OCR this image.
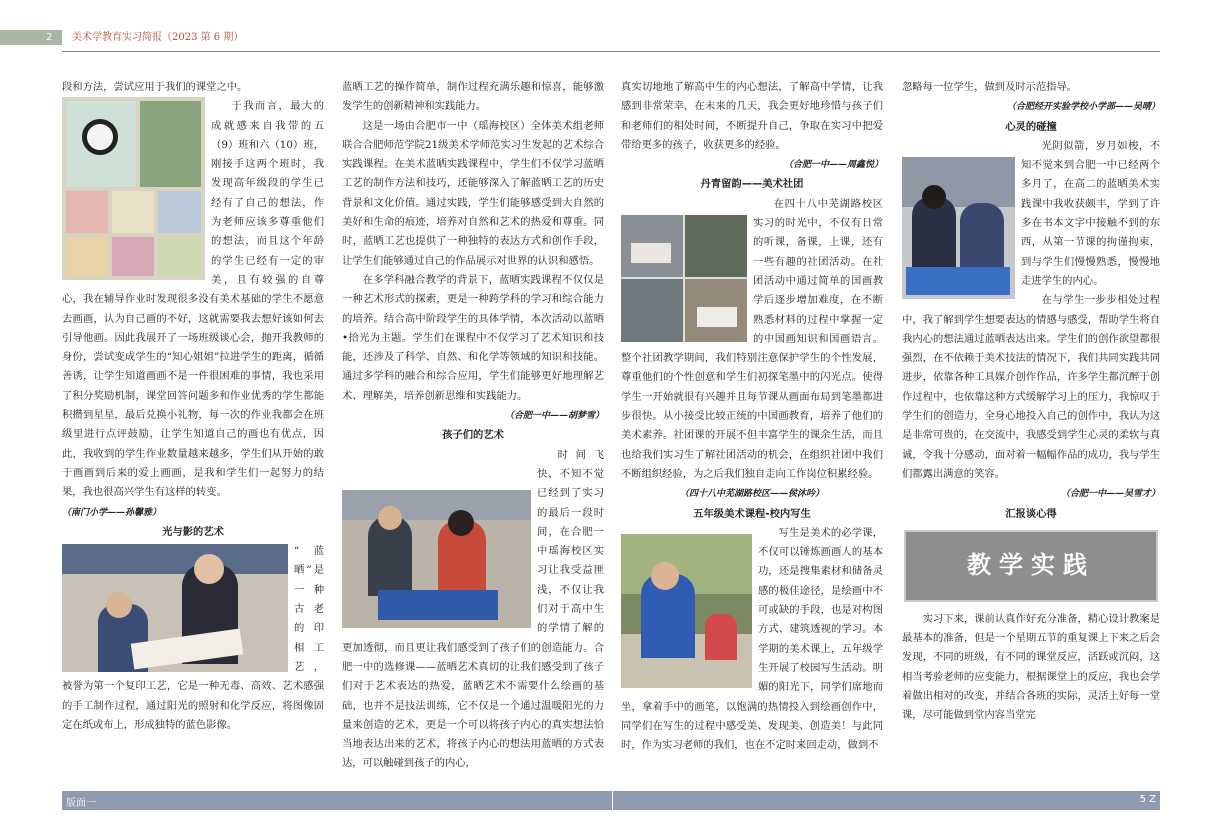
2	美术学教育实习简报（2023 第 6 期）

段和方法，尝试应用于我们的课堂之中。

于我而言，最大的成就感来自我带的五（9）班和六（10）班，刚接手这两个班时，我发现高年级段的学生已经有了自己的想法，作为老师应该多尊重他们的想法，而且这个年龄的学生已经有一定的审美，且有较强的自尊心，我在辅导作业时发现很多没有美术基础的学生不愿意去画画，认为自己画的不好，这就需要我去想好该如何去引导他画。因此我展开了一场班级谈心会，抛开我教师的身份，尝试变成学生的“知心姐姐”拉进学生的距离，循循善诱，让学生知道画画不是一件很困难的事情，我也采用了积分奖励机制，课堂回答问题多和作业优秀的学生都能积攒到星星，最后兑换小礼物，每一次的作业我都会在班级里进行点评鼓励，让学生知道自己的画也有优点，因此，我收到的学生作业数量越来越多，学生们从开始的敢于画画到后来的爱上画画，是我和学生们一起努力的结果，我也很高兴学生有这样的转变。

（南门小学——孙馨雅）

光与影的艺术

“蓝晒”是一种古老的印相工艺，被誉为第一个复印工艺，它是一种无毒、高效、艺术感强的手工制作过程，通过阳光的照射和化学反应，将图像固定在纸或布上，形成独特的蓝色影像。

蓝晒工艺的操作简单，制作过程充满乐趣和惊喜，能够激发学生的创新精神和实践能力。

这是一场由合肥市一中（瑶海校区）全体美术组老师联合合肥师范学院21级美术学师范实习生发起的艺术综合实践课程。在美术蓝晒实践课程中，学生们不仅学习蓝晒工艺的制作方法和技巧，还能够深入了解蓝晒工艺的历史背景和文化价值。通过实践，学生们能够感受到大自然的美好和生命的痕迹，培养对自然和艺术的热爱和尊重。同时，蓝晒工艺也提供了一种独特的表达方式和创作手段，让学生们能够通过自己的作品展示对世界的认识和感悟。

在多学科融合教学的背景下，蓝晒实践课程不仅仅是一种艺术形式的探索，更是一种跨学科的学习和综合能力的培养。结合高中阶段学生的具体学情，本次活动以蓝晒•拾光为主题。学生们在课程中不仅学习了艺术知识和技能，还涉及了科学、自然、和化学等领域的知识和技能。通过多学科的融合和综合应用，学生们能够更好地理解艺术、理解美，培养创新思维和实践能力。

（合肥一中——胡梦雪）

孩子们的艺术

时间飞快，不知不觉已经到了实习的最后一段时间，在合肥一中瑶海校区实习让我受益匪浅，不仅让我们对于高中生的学情了解的更加透彻，而且更让我们感受到了孩子们的创造能力。合肥一中的选修课——蓝晒艺术真切的让我们感受到了孩子们对于艺术表达的热爱，蓝晒艺术不需要什么绘画的基础，也并不是技法训练，它不仅是一个通过温暖阳光的力量来创造的艺术，更是一个可以将孩子内心的真实想法恰当地表达出来的艺术，将孩子内心的想法用蓝晒的方式表达，可以触碰到孩子的内心，

真实切地地了解高中生的内心想法，了解高中学情，让我感到非常荣幸，在未来的几天，我会更好地珍惜与孩子们和老师们的相处时间，不断提升自己，争取在实习中把爱带给更多的孩子，收获更多的经验。

（合肥一中——周鑫悦）

丹青留韵——美术社团

在四十八中芜湖路校区实习的时光中，不仅有日常的听课，备课，上课，还有一些有趣的社团活动。在社团活动中通过简单的国画教学后逐步增加难度，在不断熟悉材料的过程中掌握一定的中国画知识和国画语言。整个社团教学期间，我们特别注意保护学生的个性发展，尊重他们的个性创意和学生们初探笔墨中的闪光点。使得学生一开始就很有兴趣并且每节课从画面布局到笔墨都进步很快。从小接受比较正统的中国画教育，培养了他们的美术素养。社团课的开展不但丰富学生的课余生活，而且也给我们实习生了解社团活动的机会，在组织社团中我们不断组织经验，为之后我们独自走向工作岗位积累经验。

（四十八中芜湖路校区——侯沐吟）

五年级美术课程-校内写生

写生是美术的必学课，不仅可以锤炼画画人的基本功，还是搜集素材和储备灵感的极佳途径，是绘画中不可或缺的手段，也是对构图方式、建筑透视的学习。本学期的美术课上，五年级学生开展了校园写生活动。明媚的阳光下，同学们席地而坐，拿着手中的画笔，以饱满的热情投入到绘画创作中，同学们在写生的过程中感受美、发现美、创造美！与此同时，作为实习老师的我们，也在不定时来回走动，做到不

忽略每一位学生，做到及时示范指导。

（合肥经开实验学校小学部——吴晴）

心灵的碰撞

光阴似箭，岁月如梭，不知不觉来到合肥一中已经两个多月了，在高二的蓝晒美术实践课中我收获颇丰，学到了许多在书本文字中接触不到的东西，从第一节课的拘谨拘束，到与学生们慢慢熟悉，慢慢地走进学生的内心。

在与学生一步步相处过程中，我了解到学生想要表达的情感与感受，帮助学生将自我内心的想法通过蓝晒表达出来。学生们的创作欲望都很强烈，在不依赖于美术技法的情况下，我们共同实践共同进步，依靠各种工具媒介创作作品，许多学生都沉醉于创作过程中，也依靠这种方式缓解学习上的压力，我惊叹于学生们的创造力，全身心地投入自己的创作中，我认为这是非常可贵的，在交流中，我感受到学生心灵的柔软与真诚，令我十分感动，面对着一幅幅作品的成功，我与学生们都露出满意的笑容。

（合肥一中——吴雪才）

汇报谈心得

教学实践

实习下来，课前认真作好充分准备，精心设计教案是最基本的准备，但是一个星期五节的重复课上下来之后会发现，不同的班级，有不同的课堂反应，活跃或沉闷，这相当考验老师的应变能力，根据课堂上的反应，我也会学着做出相对的改变，并结合各班的实际，灵活上好每一堂课，尽可能做到堂内容当堂完

版面一	5 Z
